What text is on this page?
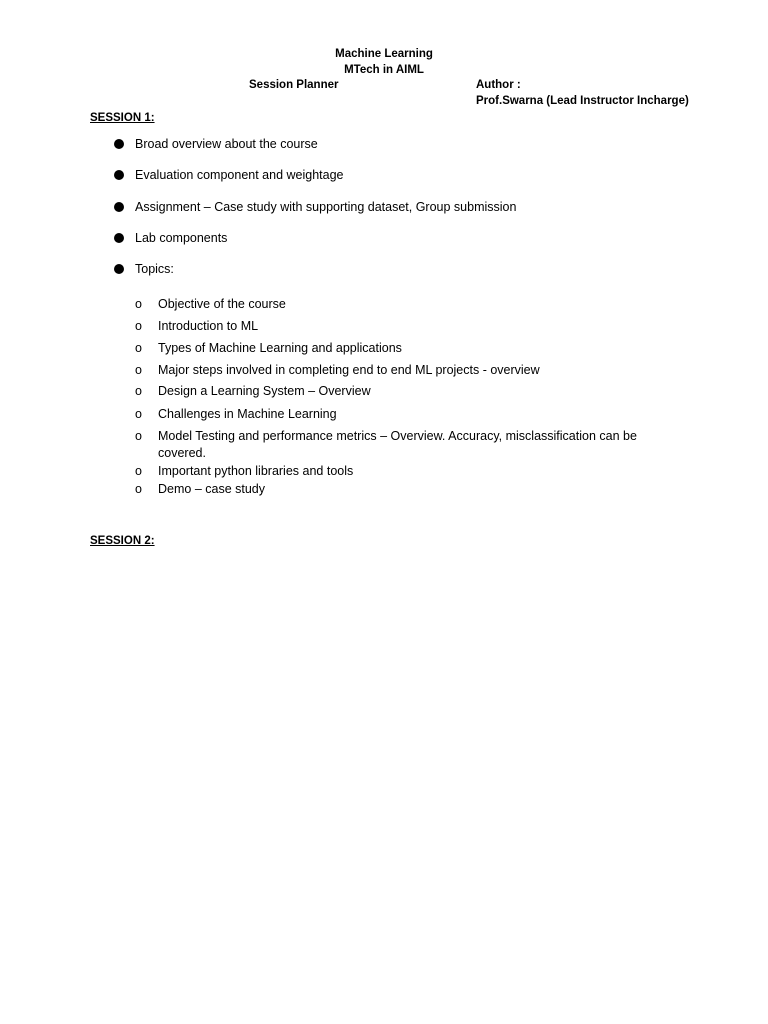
Machine Learning
MTech in AIML
Session Planner	Author :
Prof.Swarna (Lead Instructor Incharge)
SESSION 1:
Broad overview about the course
Evaluation component and weightage
Assignment – Case study with supporting dataset, Group submission
Lab components
Topics:
o Objective of the course
o Introduction to ML
o Types of Machine Learning and applications
o Major steps involved in completing end to end ML projects - overview
o Design a Learning System – Overview
o Challenges in Machine Learning
o Model Testing and performance metrics – Overview. Accuracy, misclassification can be covered.
o Important python libraries and tools
o Demo – case study
SESSION 2:
